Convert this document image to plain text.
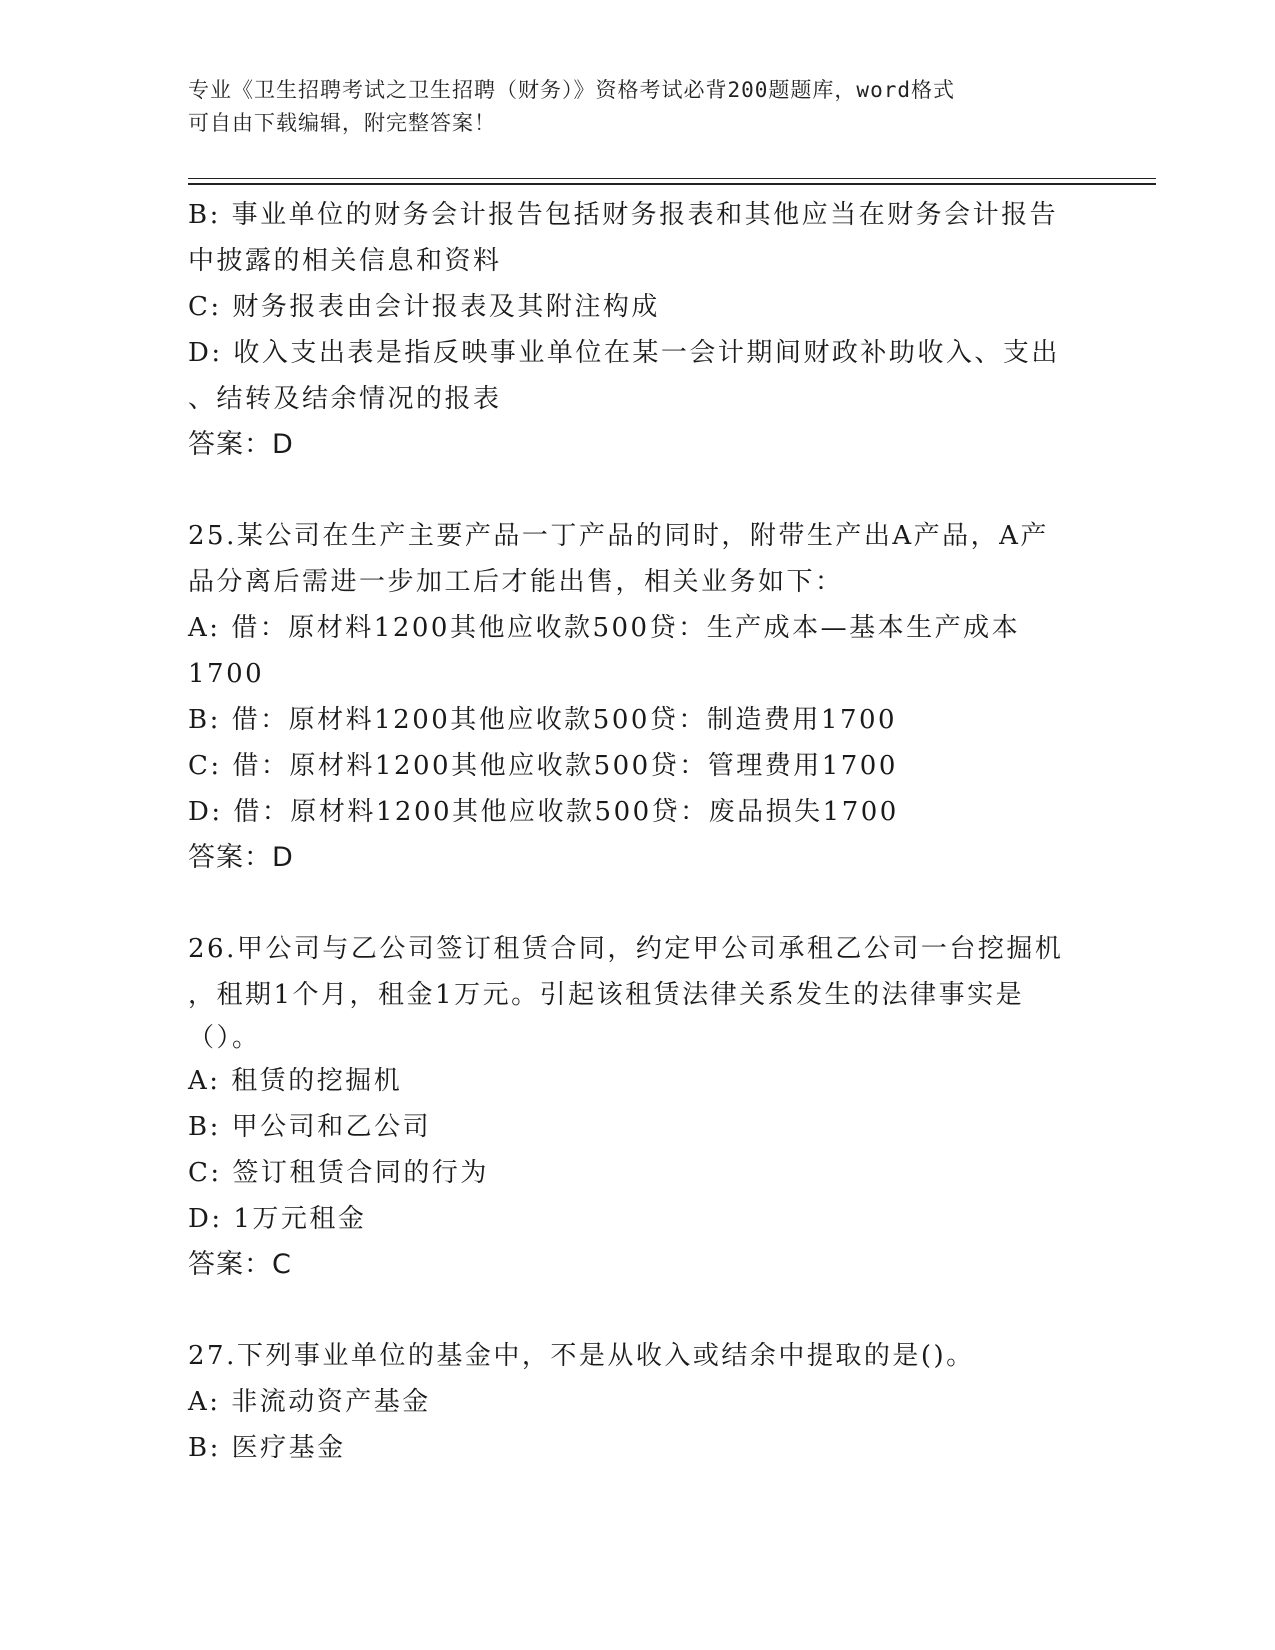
专业《卫生招聘考试之卫生招聘（财务）》资格考试必背200题题库，word格式
可自由下载编辑，附完整答案！
B: 事业单位的财务会计报告包括财务报表和其他应当在财务会计报告
中披露的相关信息和资料
C: 财务报表由会计报表及其附注构成
D: 收入支出表是指反映事业单位在某一会计期间财政补助收入、支出
、结转及结余情况的报表
答案：D
25.某公司在生产主要产品一丁产品的同时，附带生产出A产品，A产
品分离后需进一步加工后才能出售，相关业务如下：
A: 借：原材料1200其他应收款500贷：生产成本—基本生产成本
1700
B: 借：原材料1200其他应收款500贷：制造费用1700
C: 借：原材料1200其他应收款500贷：管理费用1700
D: 借：原材料1200其他应收款500贷：废品损失1700
答案：D
26.甲公司与乙公司签订租赁合同，约定甲公司承租乙公司一台挖掘机
，租期1个月，租金1万元。引起该租赁法律关系发生的法律事实是
（）。
A: 租赁的挖掘机
B: 甲公司和乙公司
C: 签订租赁合同的行为
D: 1万元租金
答案：C
27.下列事业单位的基金中，不是从收入或结余中提取的是()。
A: 非流动资产基金
B: 医疗基金
